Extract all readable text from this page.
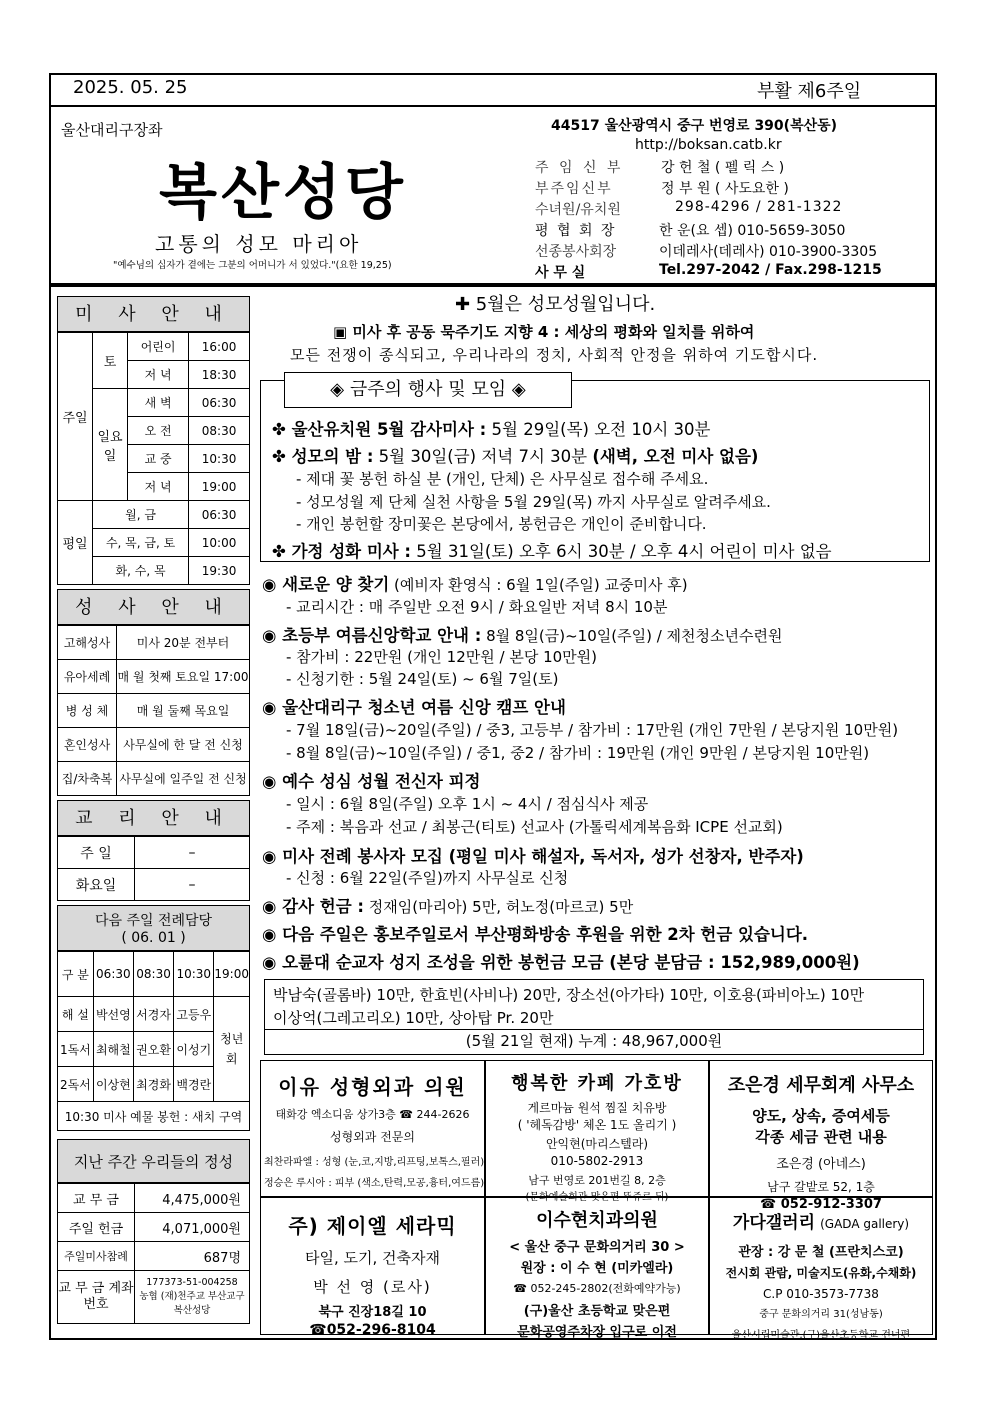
2025. 05. 25	부활 제6주일
울산대리구장좌
복산성당
고통의 성모 마리아
"예수님의 십자가 곁에는 그분의 어머니가 서 있었다."(요한 19,25)
44517 울산광역시 중구 번영로 390(복산동)
http://boksan.catb.kr
주 임 신 부	강 헌 철 ( 펠 릭 스 )
부주임신부	정 부 원 ( 사도요한 )
수녀원/유치원	298-4296 / 281-1322
평 협 회 장	한 운(요 셉) 010-5659-3050
선종봉사회장	이데레사(데레사) 010-3900-3305
사 무 실	Tel.297-2042 / Fax.298-1215
미 사 안 내
주일	토	어린이	16:00
		저 녁	18:30
	일요일	새 벽	06:30
		오 전	08:30
		교 중	10:30
		저 녁	19:00
평일	월, 금		06:30
	수, 목, 금, 토		10:00
	화, 수, 목		19:30
성 사 안 내
고해성사	미사 20분 전부터
유아세례	매 월 첫째 토요일 17:00
병 성 체	매 월 둘째 목요일
혼인성사	사무실에 한 달 전 신청
집/차축복	사무실에 일주일 전 신청
교 리 안 내
주 일	–
화요일	–
다음 주일 전례담당
( 06. 01 )
구 분	06:30	08:30	10:30	19:00
해 설	박선영	서경자	고등우	청년회
1독서	최해철	권오환	이성기	
2독서	이상현	최경화	백경란	
10:30 미사 예물 봉헌 : 새치 구역				
지난 주간 우리들의 정성
교 무 금	4,475,000원
주일 헌금	4,071,000원
주일미사참례	687명
교 무 금 계좌번호	177373-51-004258
농협 (재)천주교 부산교구
복산성당
✚ 5월은 성모성월입니다.
▣ 미사 후 공동 묵주기도 지향 4 : 세상의 평화와 일치를 위하여
모든 전쟁이 종식되고, 우리나라의 정치, 사회적 안정을 위하여 기도합시다.
◈ 금주의 행사 및 모임 ◈
✤ 울산유치원 5월 감사미사 : 5월 29일(목) 오전 10시 30분
✤ 성모의 밤 : 5월 30일(금) 저녁 7시 30분 (새벽, 오전 미사 없음)
- 제대 꽃 봉헌 하실 분 (개인, 단체) 은 사무실로 접수해 주세요.
- 성모성월 제 단체 실천 사항을 5월 29일(목) 까지 사무실로 알려주세요.
- 개인 봉헌할 장미꽃은 본당에서, 봉헌금은 개인이 준비합니다.
✤ 가정 성화 미사 : 5월 31일(토) 오후 6시 30분 / 오후 4시 어린이 미사 없음
◉ 새로운 양 찾기 (예비자 환영식 : 6월 1일(주일) 교중미사 후)
- 교리시간 : 매 주일반 오전 9시 / 화요일반 저녁 8시 10분
◉ 초등부 여름신앙학교 안내 : 8월 8일(금)~10일(주일) / 제천청소년수련원
- 참가비 : 22만원 (개인 12만원 / 본당 10만원)
- 신청기한 : 5월 24일(토) ~ 6월 7일(토)
◉ 울산대리구 청소년 여름 신앙 캠프 안내
- 7월 18일(금)~20일(주일) / 중3, 고등부 / 참가비 : 17만원 (개인 7만원 / 본당지원 10만원)
- 8월 8일(금)~10일(주일) / 중1, 중2 / 참가비 : 19만원 (개인 9만원 / 본당지원 10만원)
◉ 예수 성심 성월 전신자 피정
- 일시 : 6월 8일(주일) 오후 1시 ~ 4시 / 점심식사 제공
- 주제 : 복음과 선교 / 최봉근(티토) 선교사 (가톨릭세계복음화 ICPE 선교회)
◉ 미사 전례 봉사자 모집 (평일 미사 해설자, 독서자, 성가 선창자, 반주자)
- 신청 : 6월 22일(주일)까지 사무실로 신청
◉ 감사 헌금 : 정재임(마리아) 5만, 허노정(마르코) 5만
◉ 다음 주일은 홍보주일로서 부산평화방송 후원을 위한 2차 헌금 있습니다.
◉ 오륜대 순교자 성지 조성을 위한 봉헌금 모금 (본당 분담금 : 152,989,000원)
박남숙(골롬바) 10만, 한효빈(사비나) 20만, 장소선(아가타) 10만, 이호용(파비아노) 10만
이상억(그레고리오) 10만, 상아탑 Pr. 20만
(5월 21일 현재) 누계 : 48,967,000원
이유 성형외과 의원
태화강 엑소디움 상가3층 ☎ 244-2626
성형외과 전문의
최찬라파엘 : 성형 (눈,코,지방,리프팅,보톡스,필러)
정승은 루시아 : 피부 (색소,탄력,모공,흉터,여드름)
행복한 카페 가호방
게르마늄 원석 찜질 치유방
( '헤독감방' 체온 1도 올리기 )
안익현(마리스텔라)
010-5802-2913
남구 번영로 201번길 8, 2층
(문화예술회관 맞은편 뚜쥬르 뒤)
조은경 세무회계 사무소
양도, 상속, 증여세등
각종 세금 관련 내용
조은경 (아네스)
남구 갈밭로 52, 1층
☎ 052-912-3307
주) 제이엘 세라믹
타일, 도기, 건축자재
박 선 영 (로사)
북구 진장18길 10
☎052-296-8104
이수현치과의원
< 울산 중구 문화의거리 30 >
원장 : 이 수 현 (미카엘라)
☎ 052-245-2802(전화예약가능)
(구)울산 초등학교 맞은편
문화공영주차장 입구로 이전
가다갤러리 (GADA gallery)
관장 : 강 문 철 (프란치스코)
전시회 관람, 미술지도(유화,수채화)
C.P 010-3573-7738
중구 문화의거리 31(성남동)
울산시립미술관,(구)울산초등학교 건너편
